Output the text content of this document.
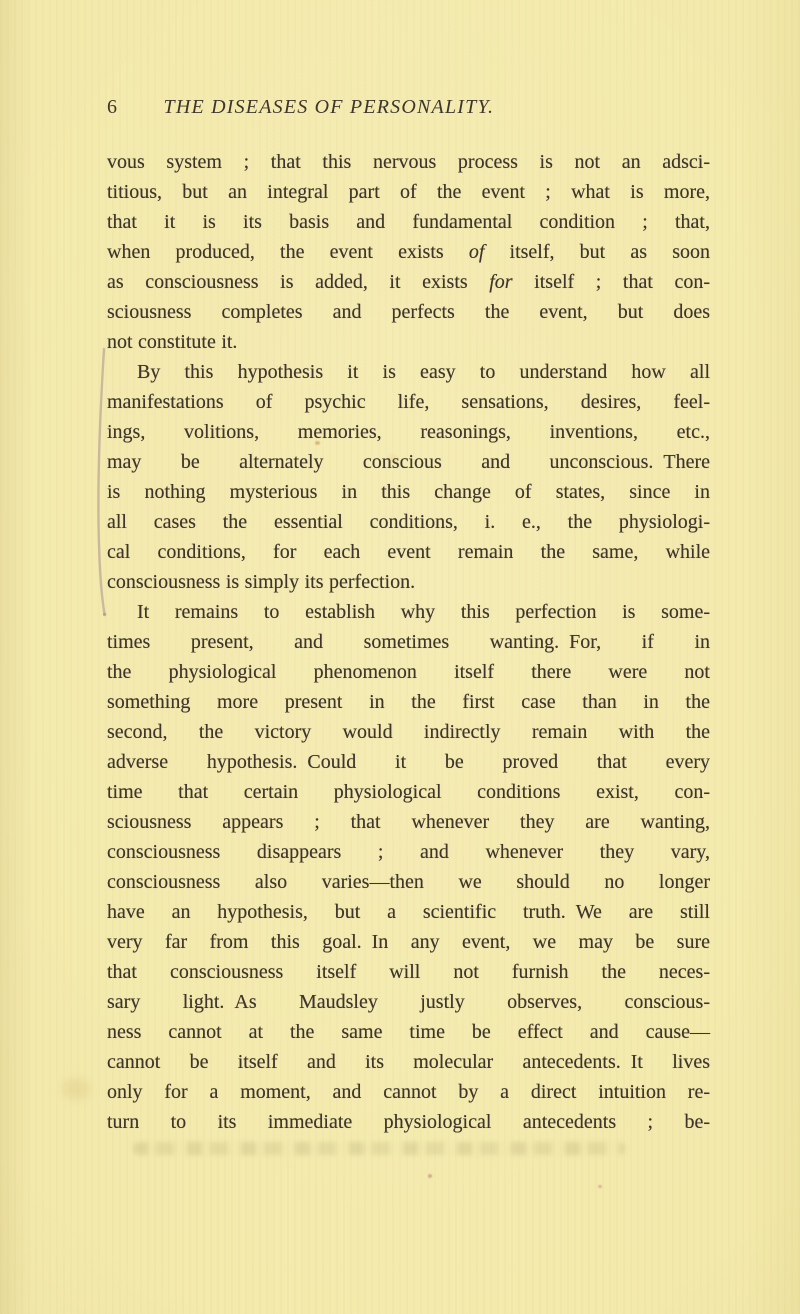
6 THE DISEASES OF PERSONALITY.
vous system ; that this nervous process is not an adsci-
titious, but an integral part of the event ; what is more,
that it is its basis and fundamental condition ; that,
when produced, the event exists of itself, but as soon
as consciousness is added, it exists for itself ; that con-
sciousness completes and perfects the event, but does
not constitute it.
By this hypothesis it is easy to understand how all
manifestations of psychic life, sensations, desires, feel-
ings, volitions, memories, reasonings, inventions, etc.,
may be alternately conscious and unconscious. There
is nothing mysterious in this change of states, since in
all cases the essential conditions, i. e., the physiologi-
cal conditions, for each event remain the same, while
consciousness is simply its perfection.
It remains to establish why this perfection is some-
times present, and sometimes wanting. For, if in
the physiological phenomenon itself there were not
something more present in the first case than in the
second, the victory would indirectly remain with the
adverse hypothesis. Could it be proved that every
time that certain physiological conditions exist, con-
sciousness appears ; that whenever they are wanting,
consciousness disappears ; and whenever they vary,
consciousness also varies—then we should no longer
have an hypothesis, but a scientific truth. We are still
very far from this goal. In any event, we may be sure
that consciousness itself will not furnish the neces-
sary light. As Maudsley justly observes, conscious-
ness cannot at the same time be effect and cause—
cannot be itself and its molecular antecedents. It lives
only for a moment, and cannot by a direct intuition re-
turn to its immediate physiological antecedents ; be-
